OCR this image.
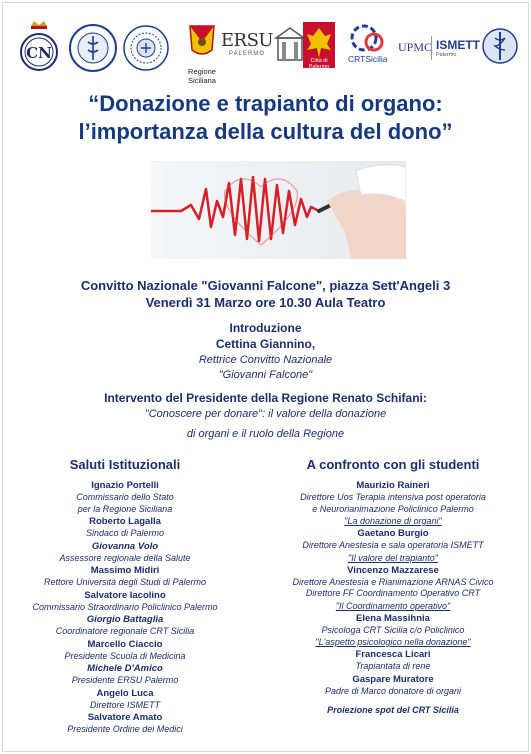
CN
Regione Siciliana
ERSU
PALERMO
Città di Palermo
CRTSicilia
UPMC ISMETT
Palermo
“Donazione e trapianto di organo:
l’importanza della cultura del dono”
Convitto Nazionale "Giovanni Falcone", piazza Sett'Angeli 3
Venerdì 31 Marzo ore 10.30 Aula Teatro
Introduzione
Cettina Giannino,
Rettrice Convitto Nazionale
"Giovanni Falcone"
Intervento del Presidente della Regione Renato Schifani:
"Conoscere per donare": il valore della donazione
di organi e il ruolo della Regione
Saluti Istituzionali
Ignazio Portelli
Commissario dello Stato
per la Regione Siciliana
Roberto Lagalla
Sindaco di Palermo
Giovanna Volo
Assessore regionale della Salute
Massimo Midiri
Rettore Università degli Studi di Palermo
Salvatore Iacolino
Commissario Straordinario Policlinico Palermo
Giorgio Battaglia
Coordinatore regionale CRT Sicilia
Marcello Ciaccio
Presidente Scuola di Medicina
Michele D'Amico
Presidente ERSU Palermo
Angelo Luca
Direttore ISMETT
Salvatore Amato
Presidente Ordine dei Medici
A confronto con gli studenti
Maurizio Raineri
Direttore Uos Terapia intensiva post operatoria
e Neurorianimazione Policlinico Palermo
"La donazione di organi"
Gaetano Burgio
Direttore Anestesia e sala operatoria ISMETT
"Il valore del trapianto"
Vincenzo Mazzarese
Direttore Anestesia e Rianimazione ARNAS Civico
Direttore FF Coordinamento Operativo CRT
"Il Coordinamento operativo"
Elena Massihnia
Psicologa CRT Sicilia c/o Policlinico
"L'aspetto psicologico nella donazione"
Francesca Licari
Trapiantata di rene
Gaspare Muratore
Padre di Marco donatore di organi
Proiezione spot del CRT Sicilia
